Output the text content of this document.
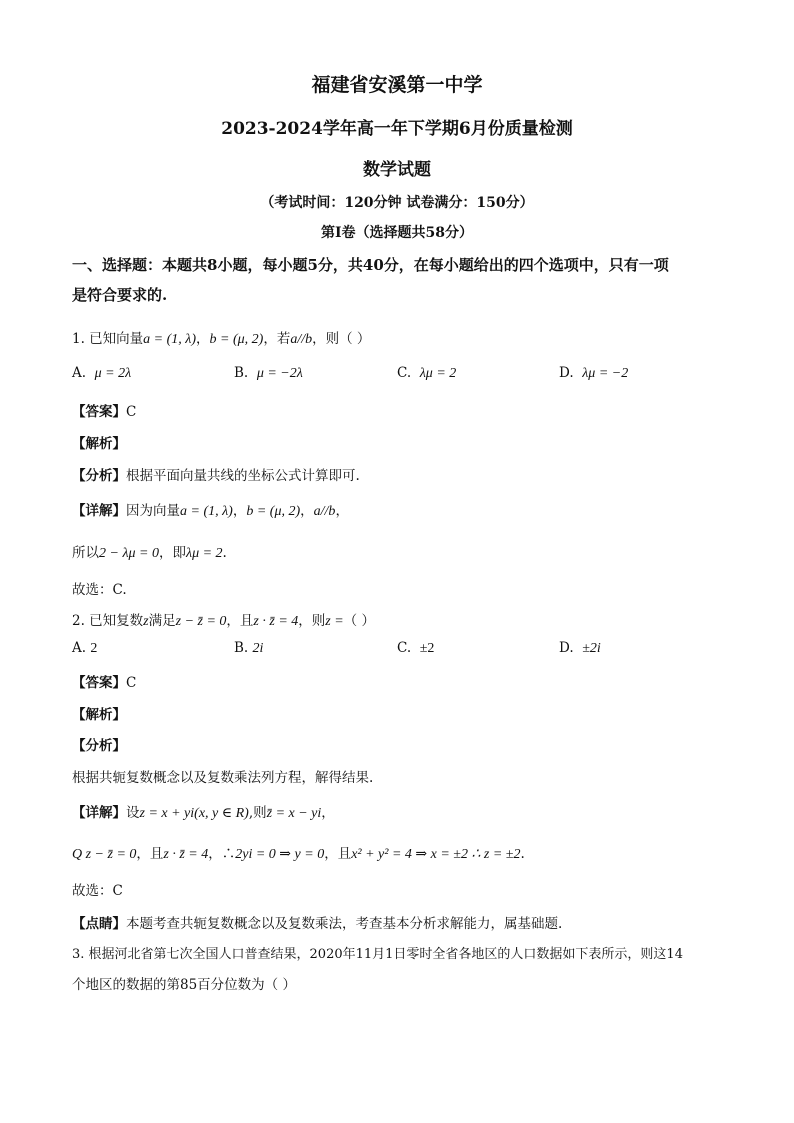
福建省安溪第一中学
2023-2024学年高一年下学期6月份质量检测
数学试题
（考试时间：120分钟 试卷满分：150分）
第I卷（选择题共58分）
一、选择题：本题共8小题，每小题5分，共40分，在每小题给出的四个选项中，只有一项
是符合要求的.
1. 已知向量a = (1, λ)，b = (μ, 2)，若a//b，则（ ）
A. μ = 2λ	B. μ = −2λ	C. λμ = 2	D. λμ = −2
【答案】C
【解析】
【分析】根据平面向量共线的坐标公式计算即可.
【详解】因为向量a = (1, λ)，b = (μ, 2)，a//b，
所以2 − λμ = 0，即λμ = 2.
故选：C.
2. 已知复数z满足z − z̄ = 0，且z · z̄ = 4，则z =（ ）
A. 2	B. 2i	C. ±2	D. ±2i
【答案】C
【解析】
【分析】
根据共轭复数概念以及复数乘法列方程，解得结果.
【详解】设z = x + yi(x, y ∈ R),则z̄ = x − yi，
Q z − z̄ = 0，且z · z̄ = 4，∴2yi = 0 ⇒ y = 0，且x² + y² = 4 ⇒ x = ±2 ∴ z = ±2.
故选：C
【点睛】本题考查共轭复数概念以及复数乘法，考查基本分析求解能力，属基础题.
3. 根据河北省第七次全国人口普查结果，2020年11月1日零时全省各地区的人口数据如下表所示，则这14
个地区的数据的第85百分位数为（ ）
